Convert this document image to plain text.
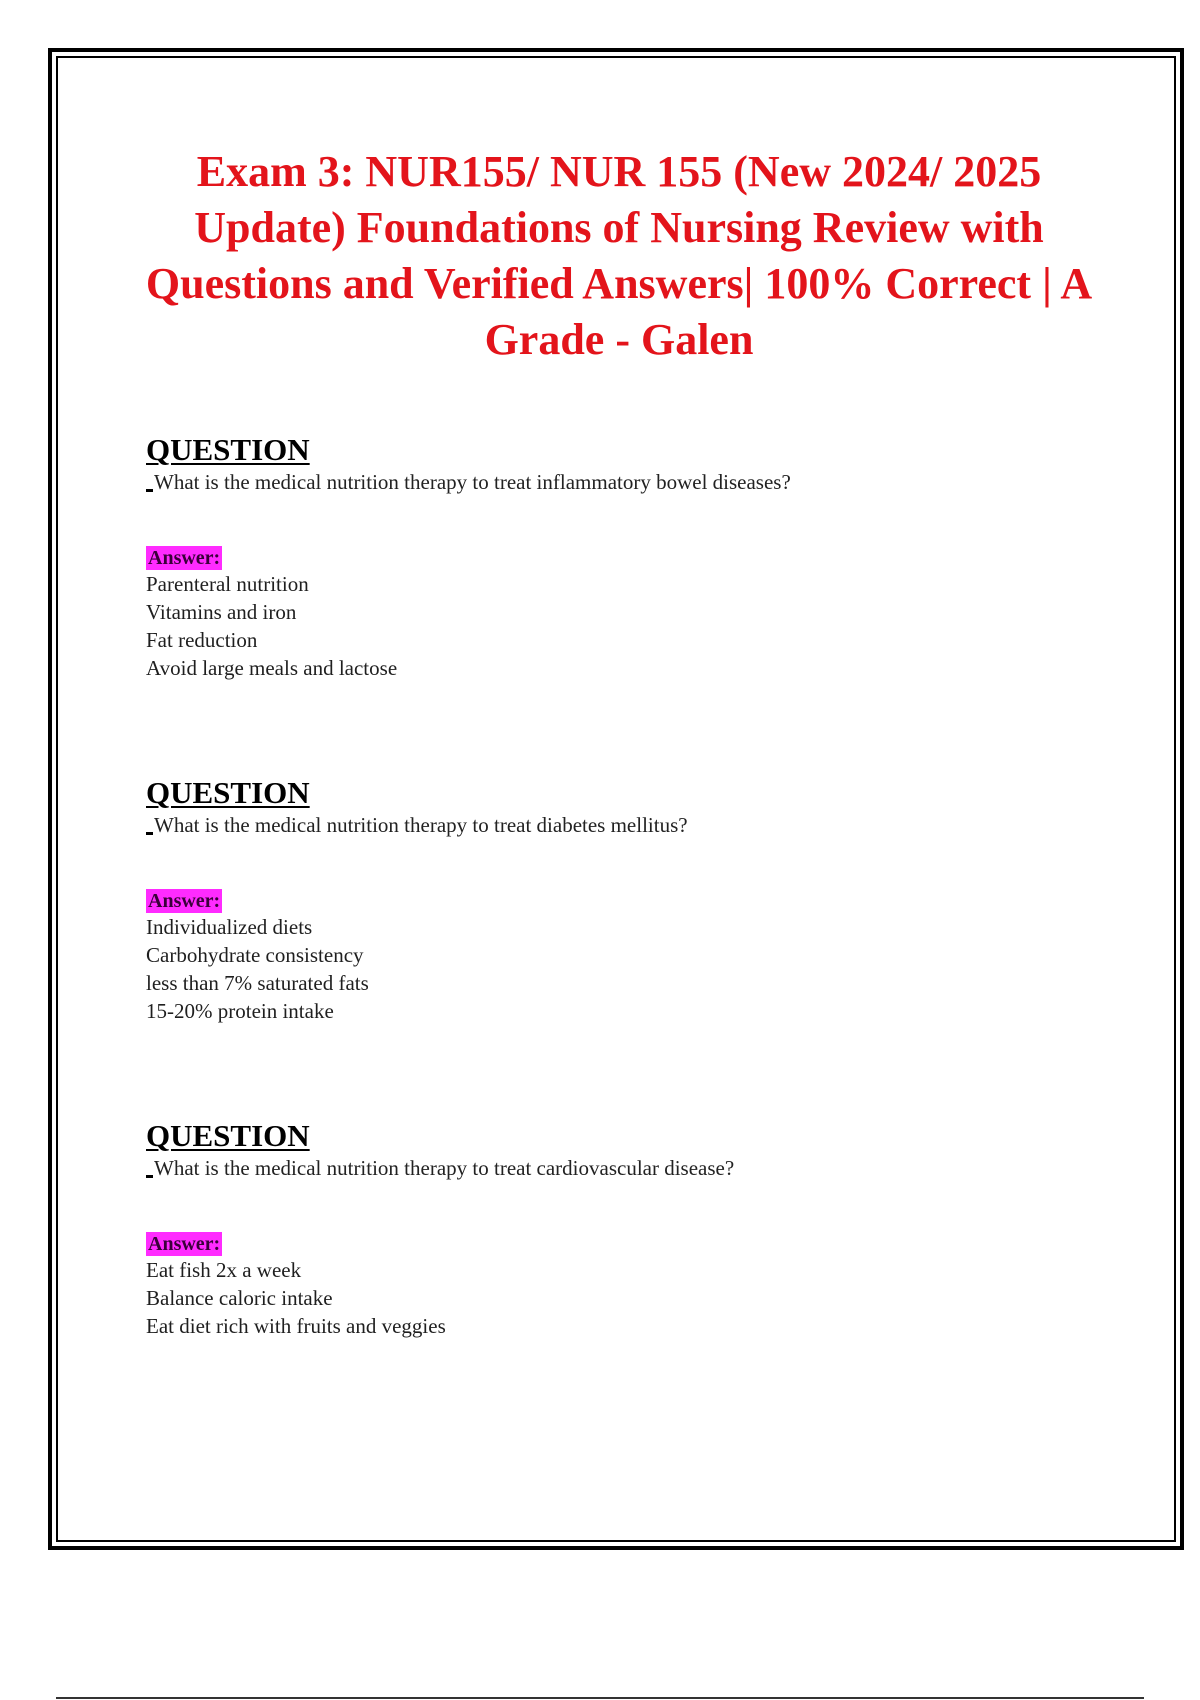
Exam 3: NUR155/ NUR 155 (New 2024/ 2025 Update) Foundations of Nursing Review with Questions and Verified Answers| 100% Correct | A Grade - Galen
QUESTION
What is the medical nutrition therapy to treat inflammatory bowel diseases?
Answer:
Parenteral nutrition
Vitamins and iron
Fat reduction
Avoid large meals and lactose
QUESTION
What is the medical nutrition therapy to treat diabetes mellitus?
Answer:
Individualized diets
Carbohydrate consistency
less than 7% saturated fats
15-20% protein intake
QUESTION
What is the medical nutrition therapy to treat cardiovascular disease?
Answer:
Eat fish 2x a week
Balance caloric intake
Eat diet rich with fruits and veggies
